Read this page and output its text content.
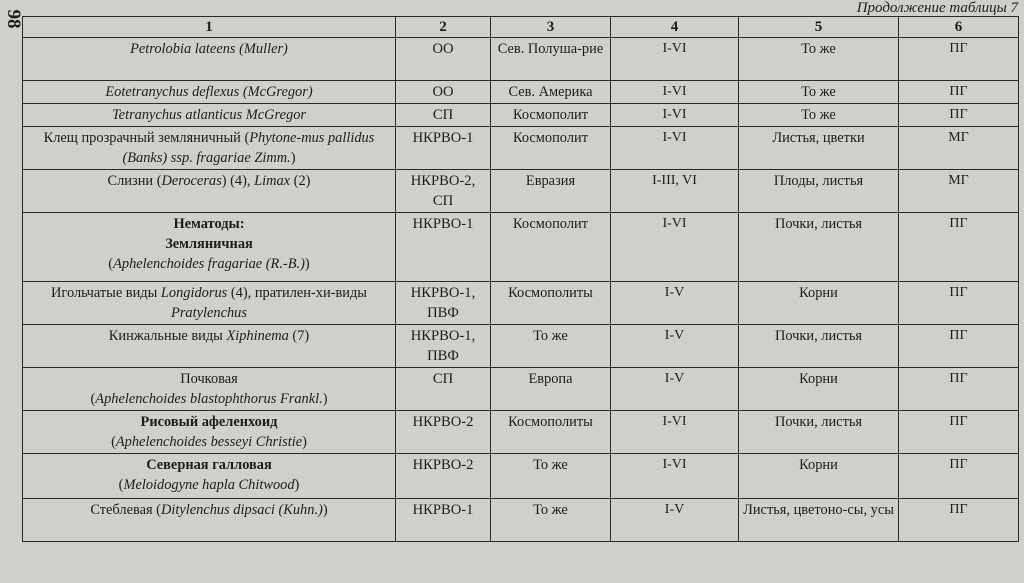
98
Продолжение таблицы 7
1	2	3	4	5	6
Petrolobia lateens (Muller)	ОО	Сев. Полуша-рие	I-VI	То же	ПГ
Eotetranychus deflexus (McGregor)	ОО	Сев. Америка	I-VI	То же	ПГ
Tetranychus atlanticus McGregor	СП	Космополит	I-VI	То же	ПГ
Клещ прозрачный земляничный (Phytone-mus pallidus (Banks) ssp. fragariae Zimm.)	НКРВО-1	Космополит	I-VI	Листья, цветки	МГ
Слизни (Deroceras) (4), Limax (2)	НКРВО-2, СП	Евразия	I-III, VI	Плоды, листья	МГ

Нематоды:
Земляничная
(Aphelenchoides fragariae (R.-B.))	НКРВО-1	Космополит	I-VI	Почки, листья	ПГ
Игольчатые виды Longidorus (4), пратилен-хи-виды Pratylenchus	НКРВО-1, ПВФ	Космополиты	I-V	Корни	ПГ
Кинжальные виды Xiphinema (7)	НКРВО-1, ПВФ	То же	I-V	Почки, листья	ПГ

Почковая
(Aphelenchoides blastophthorus Frankl.)	СП	Европа	I-V	Корни	ПГ

Рисовый афеленхоид
(Aphelenchoides besseyi Christie)	НКРВО-2	Космополиты	I-VI	Почки, листья	ПГ

Северная галловая
(Meloidogyne hapla Chitwood)	НКРВО-2	То же	I-VI	Корни	ПГ
Стеблевая (Ditylenchus dipsaci (Kuhn.))	НКРВО-1	То же	I-V	Листья, цветоно-сы, усы	ПГ
